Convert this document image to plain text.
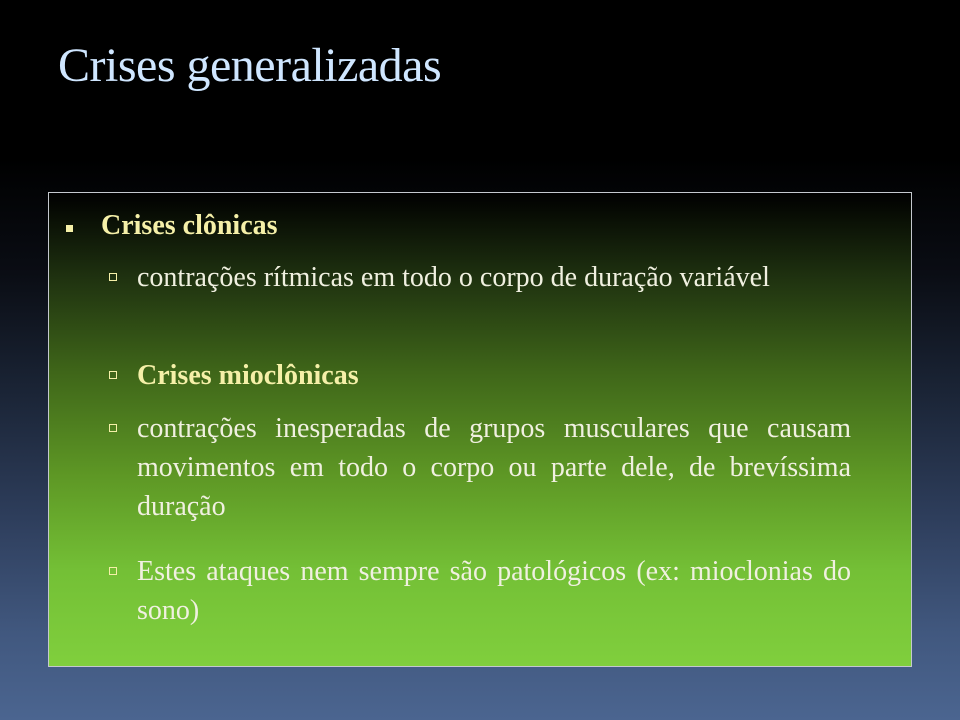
Crises generalizadas
Crises clônicas
contrações rítmicas em todo o corpo de duração variável
Crises mioclônicas
contrações inesperadas de grupos musculares que causam movimentos em todo o corpo ou parte dele, de brevíssima duração
Estes ataques nem sempre são patológicos (ex: mioclonias do sono)
